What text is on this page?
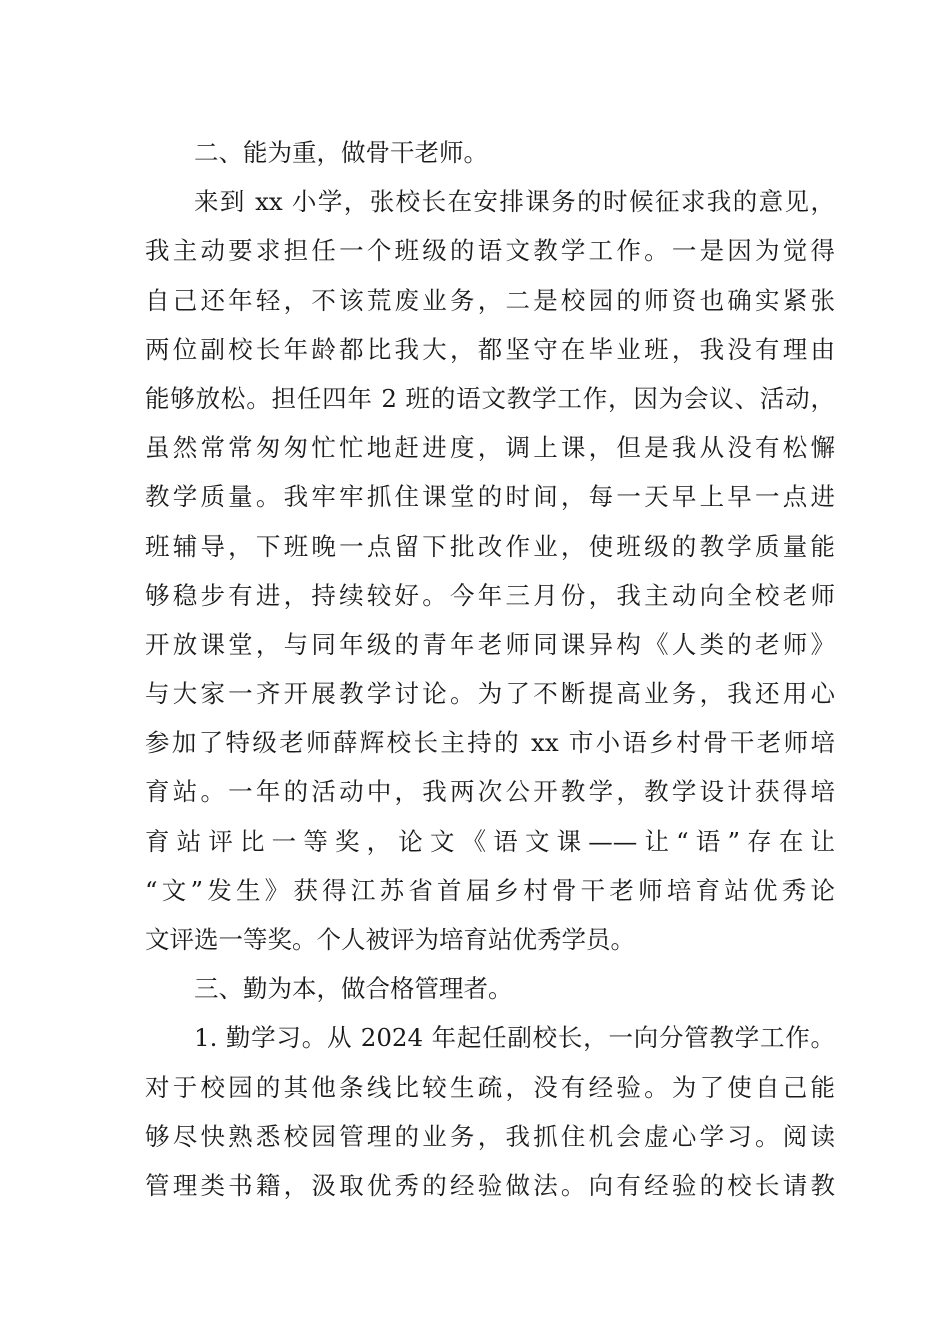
二、能为重，做骨干老师。
来到 xx 小学，张校长在安排课务的时候征求我的意见，
我主动要求担任一个班级的语文教学工作。一是因为觉得
自己还年轻，不该荒废业务，二是校园的师资也确实紧张
两位副校长年龄都比我大，都坚守在毕业班，我没有理由
能够放松。担任四年 2 班的语文教学工作，因为会议、活动，
虽然常常匆匆忙忙地赶进度，调上课，但是我从没有松懈
教学质量。我牢牢抓住课堂的时间，每一天早上早一点进
班辅导，下班晚一点留下批改作业，使班级的教学质量能
够稳步有进，持续较好。今年三月份，我主动向全校老师
开放课堂，与同年级的青年老师同课异构《人类的老师》
与大家一齐开展教学讨论。为了不断提高业务，我还用心
参加了特级老师薛辉校长主持的 xx 市小语乡村骨干老师培
育站。一年的活动中，我两次公开教学，教学设计获得培
育站评比一等奖，论文《语文课——让“语”存在让
“文”发生》获得江苏省首届乡村骨干老师培育站优秀论
文评选一等奖。个人被评为培育站优秀学员。
三、勤为本，做合格管理者。
1. 勤学习。从 2024 年起任副校长，一向分管教学工作。
对于校园的其他条线比较生疏，没有经验。为了使自己能
够尽快熟悉校园管理的业务，我抓住机会虚心学习。阅读
管理类书籍，汲取优秀的经验做法。向有经验的校长请教
